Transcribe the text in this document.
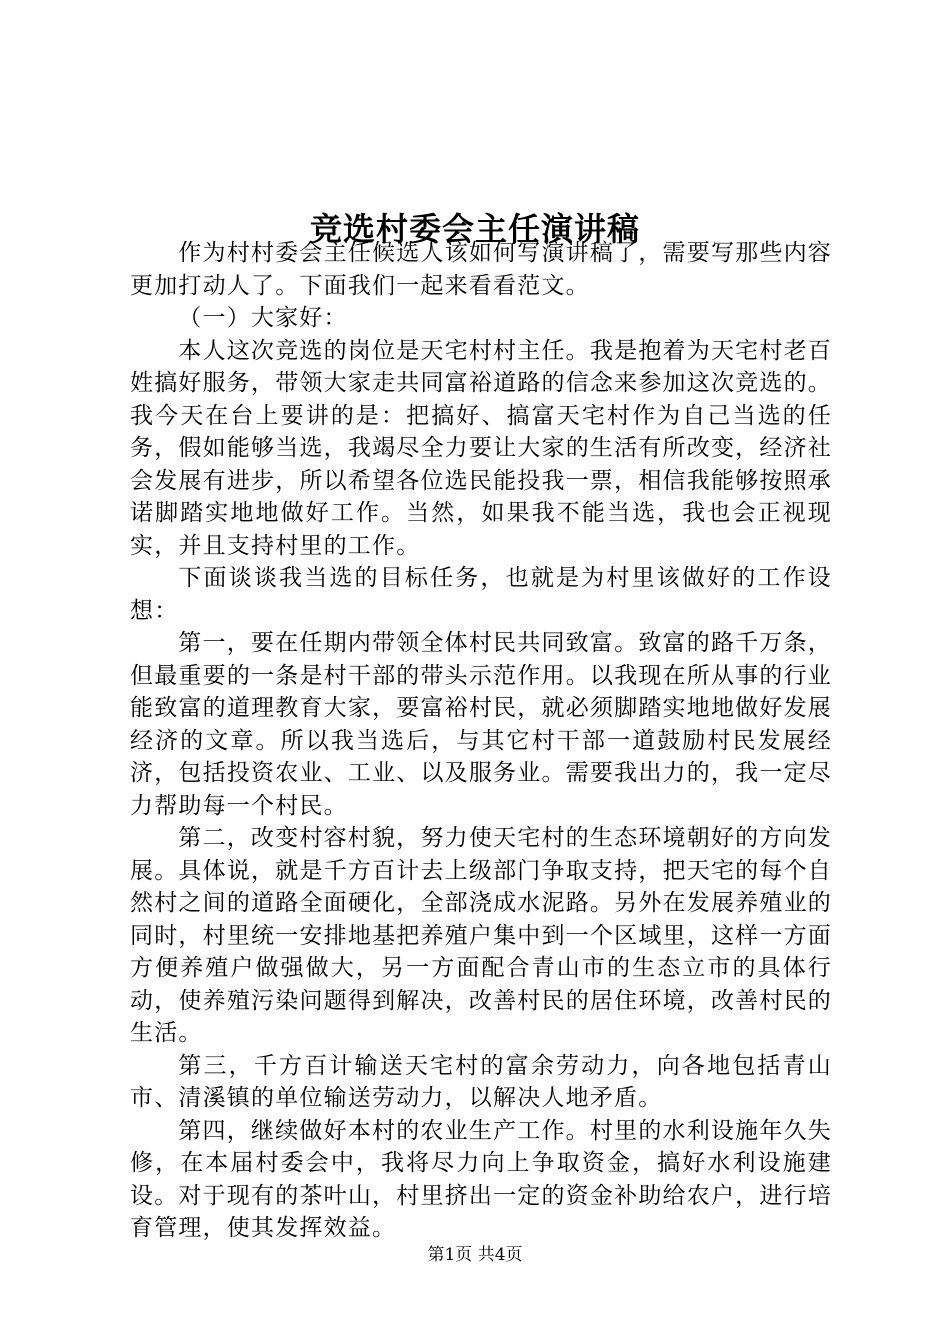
竞选村委会主任演讲稿

作为村村委会主任候选人该如何写演讲稿了，需要写那些内容更加打动人了。下面我们一起来看看范文。

（一）大家好：

本人这次竞选的岗位是天宅村村主任。我是抱着为天宅村老百姓搞好服务，带领大家走共同富裕道路的信念来参加这次竞选的。我今天在台上要讲的是：把搞好、搞富天宅村作为自己当选的任务，假如能够当选，我竭尽全力要让大家的生活有所改变，经济社会发展有进步，所以希望各位选民能投我一票，相信我能够按照承诺脚踏实地地做好工作。当然，如果我不能当选，我也会正视现实，并且支持村里的工作。

下面谈谈我当选的目标任务，也就是为村里该做好的工作设想：

第一，要在任期内带领全体村民共同致富。致富的路千万条，但最重要的一条是村干部的带头示范作用。以我现在所从事的行业能致富的道理教育大家，要富裕村民，就必须脚踏实地地做好发展经济的文章。所以我当选后，与其它村干部一道鼓励村民发展经济，包括投资农业、工业、以及服务业。需要我出力的，我一定尽力帮助每一个村民。

第二，改变村容村貌，努力使天宅村的生态环境朝好的方向发展。具体说，就是千方百计去上级部门争取支持，把天宅的每个自然村之间的道路全面硬化，全部浇成水泥路。另外在发展养殖业的同时，村里统一安排地基把养殖户集中到一个区域里，这样一方面方便养殖户做强做大，另一方面配合青山市的生态立市的具体行动，使养殖污染问题得到解决，改善村民的居住环境，改善村民的生活。

第三，千方百计输送天宅村的富余劳动力，向各地包括青山市、清溪镇的单位输送劳动力，以解决人地矛盾。

第四，继续做好本村的农业生产工作。村里的水利设施年久失修，在本届村委会中，我将尽力向上争取资金，搞好水利设施建设。对于现有的茶叶山，村里挤出一定的资金补助给农户，进行培育管理，使其发挥效益。

第1页 共4页
